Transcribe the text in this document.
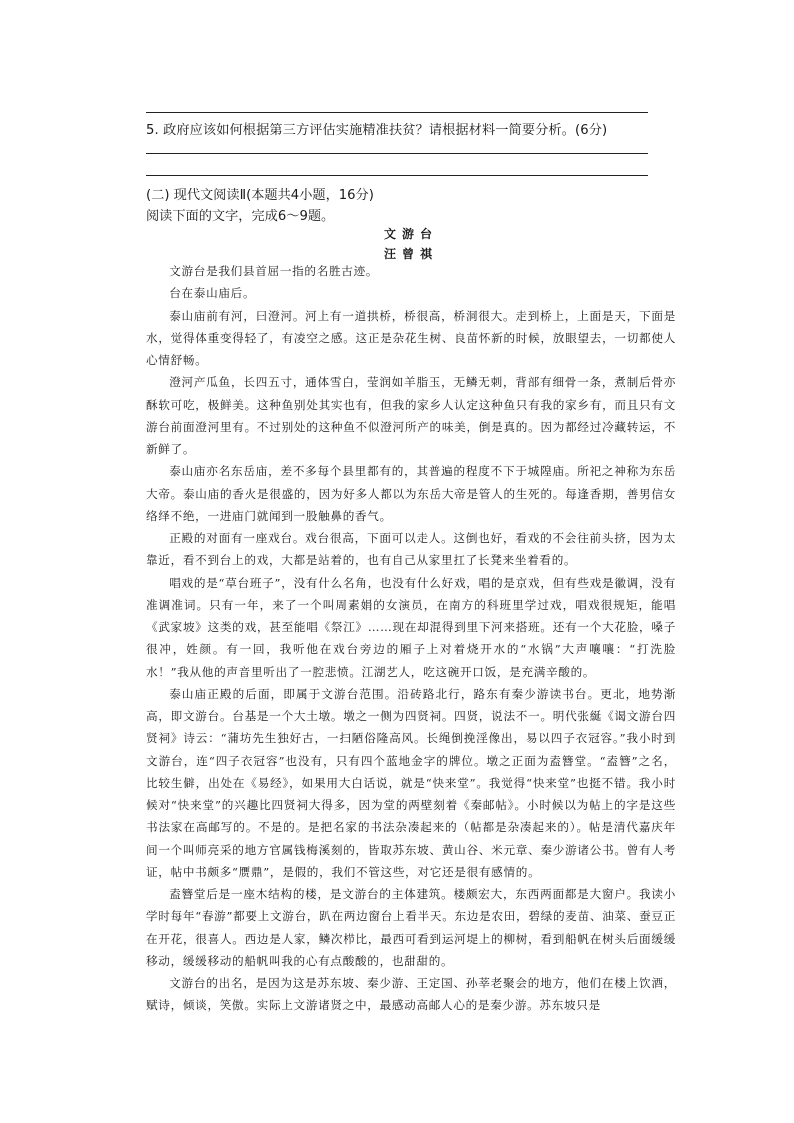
5. 政府应该如何根据第三方评估实施精准扶贫？请根据材料一简要分析。(6分)
(二) 现代文阅读Ⅱ(本题共4小题，16分)
阅读下面的文字，完成6～9题。
文游台
汪曾祺

文游台是我们县首屈一指的名胜古迹。

台在泰山庙后。

泰山庙前有河，曰澄河。河上有一道拱桥，桥很高，桥洞很大。走到桥上，上面是天，下面是水，觉得体重变得轻了，有凌空之感。这正是杂花生树、良苗怀新的时候，放眼望去，一切都使人心情舒畅。

澄河产瓜鱼，长四五寸，通体雪白，莹润如羊脂玉，无鳞无刺，背部有细骨一条，煮制后骨亦酥软可吃，极鲜美。这种鱼别处其实也有，但我的家乡人认定这种鱼只有我的家乡有，而且只有文游台前面澄河里有。不过别处的这种鱼不似澄河所产的味美，倒是真的。因为都经过冷藏转运，不新鲜了。

泰山庙亦名东岳庙，差不多每个县里都有的，其普遍的程度不下于城隍庙。所祀之神称为东岳大帝。泰山庙的香火是很盛的，因为好多人都以为东岳大帝是管人的生死的。每逢香期，善男信女络绎不绝，一进庙门就闻到一股触鼻的香气。

正殿的对面有一座戏台。戏台很高，下面可以走人。这倒也好，看戏的不会往前头挤，因为太靠近，看不到台上的戏，大都是站着的，也有自己从家里扛了长凳来坐着看的。

唱戏的是“草台班子”，没有什么名角，也没有什么好戏，唱的是京戏，但有些戏是徽调，没有准调准词。只有一年，来了一个叫周素娟的女演员，在南方的科班里学过戏，唱戏很规矩，能唱《武家坡》这类的戏，甚至能唱《祭江》……现在却混得到里下河来搭班。还有一个大花脸，嗓子很冲，姓颜。有一回，我听他在戏台旁边的厢子上对着烧开水的“水锅”大声嚷嚷：“打洗脸水！”我从他的声音里听出了一腔悲愤。江湖艺人，吃这碗开口饭，是充满辛酸的。

泰山庙正殿的后面，即属于文游台范围。沿砖路北行，路东有秦少游读书台。更北，地势渐高，即文游台。台基是一个大土墩。墩之一侧为四贤祠。四贤，说法不一。明代张綖《谒文游台四贤祠》诗云：“蒲坊先生独好古，一扫陋俗隆高风。长绳倒挽淫像出，易以四子衣冠容。”我小时到文游台，连“四子衣冠容”也没有，只有四个蓝地金字的牌位。墩之正面为盍簪堂。“盍簪”之名，比较生僻，出处在《易经》，如果用大白话说，就是“快来堂”。我觉得“快来堂”也挺不错。我小时候对“快来堂”的兴趣比四贤祠大得多，因为堂的两壁刻着《秦邮帖》。小时候以为帖上的字是这些书法家在高邮写的。不是的。是把名家的书法杂凑起来的（帖都是杂凑起来的）。帖是清代嘉庆年间一个叫师亮采的地方官属钱梅溪刻的，皆取苏东坡、黄山谷、米元章、秦少游诸公书。曾有人考证，帖中书颇多“赝鼎”，是假的，我们不管这些，对它还是很有感情的。

盍簪堂后是一座木结构的楼，是文游台的主体建筑。楼颇宏大，东西两面都是大窗户。我读小学时每年“春游”都要上文游台，趴在两边窗台上看半天。东边是农田，碧绿的麦苗、油菜、蚕豆正在开花，很喜人。西边是人家，鳞次栉比，最西可看到运河堤上的柳树，看到船帆在树头后面缓缓移动，缓缓移动的船帆叫我的心有点酸酸的，也甜甜的。

文游台的出名，是因为这是苏东坡、秦少游、王定国、孙莘老聚会的地方，他们在楼上饮酒，赋诗，倾谈，笑傲。实际上文游诸贤之中，最感动高邮人心的是秦少游。苏东坡只是
